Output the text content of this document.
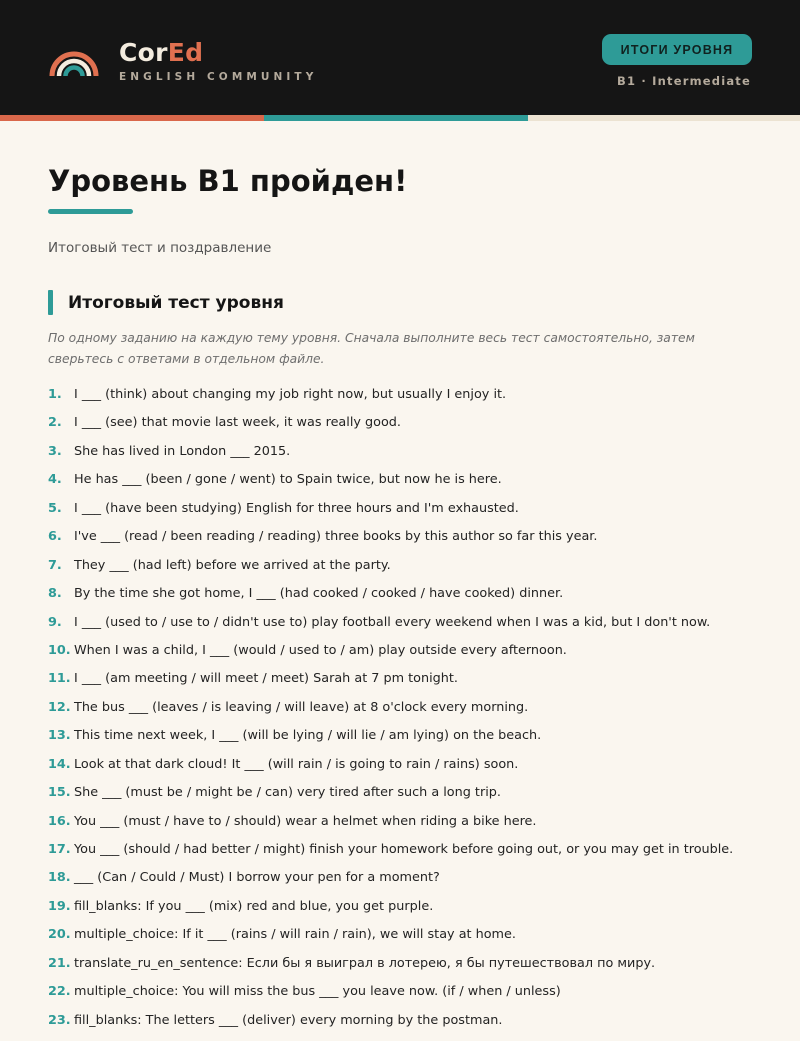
CorEd
ENGLISH COMMUNITY
ИТОГИ УРОВНЯ
B1 · Intermediate
Уровень B1 пройден!
Итоговый тест и поздравление
Итоговый тест уровня
По одному заданию на каждую тему уровня. Сначала выполните весь тест самостоятельно, затем сверьтесь с ответами в отдельном файле.
1. I ___ (think) about changing my job right now, but usually I enjoy it.
2. I ___ (see) that movie last week, it was really good.
3. She has lived in London ___ 2015.
4. He has ___ (been / gone / went) to Spain twice, but now he is here.
5. I ___ (have been studying) English for three hours and I'm exhausted.
6. I've ___ (read / been reading / reading) three books by this author so far this year.
7. They ___ (had left) before we arrived at the party.
8. By the time she got home, I ___ (had cooked / cooked / have cooked) dinner.
9. I ___ (used to / use to / didn't use to) play football every weekend when I was a kid, but I don't now.
10. When I was a child, I ___ (would / used to / am) play outside every afternoon.
11. I ___ (am meeting / will meet / meet) Sarah at 7 pm tonight.
12. The bus ___ (leaves / is leaving / will leave) at 8 o'clock every morning.
13. This time next week, I ___ (will be lying / will lie / am lying) on the beach.
14. Look at that dark cloud! It ___ (will rain / is going to rain / rains) soon.
15. She ___ (must be / might be / can) very tired after such a long trip.
16. You ___ (must / have to / should) wear a helmet when riding a bike here.
17. You ___ (should / had better / might) finish your homework before going out, or you may get in trouble.
18. ___ (Can / Could / Must) I borrow your pen for a moment?
19. fill_blanks: If you ___ (mix) red and blue, you get purple.
20. multiple_choice: If it ___ (rains / will rain / rain), we will stay at home.
21. translate_ru_en_sentence: Если бы я выиграл в лотерею, я бы путешествовал по миру.
22. multiple_choice: You will miss the bus ___ you leave now. (if / when / unless)
23. fill_blanks: The letters ___ (deliver) every morning by the postman.
